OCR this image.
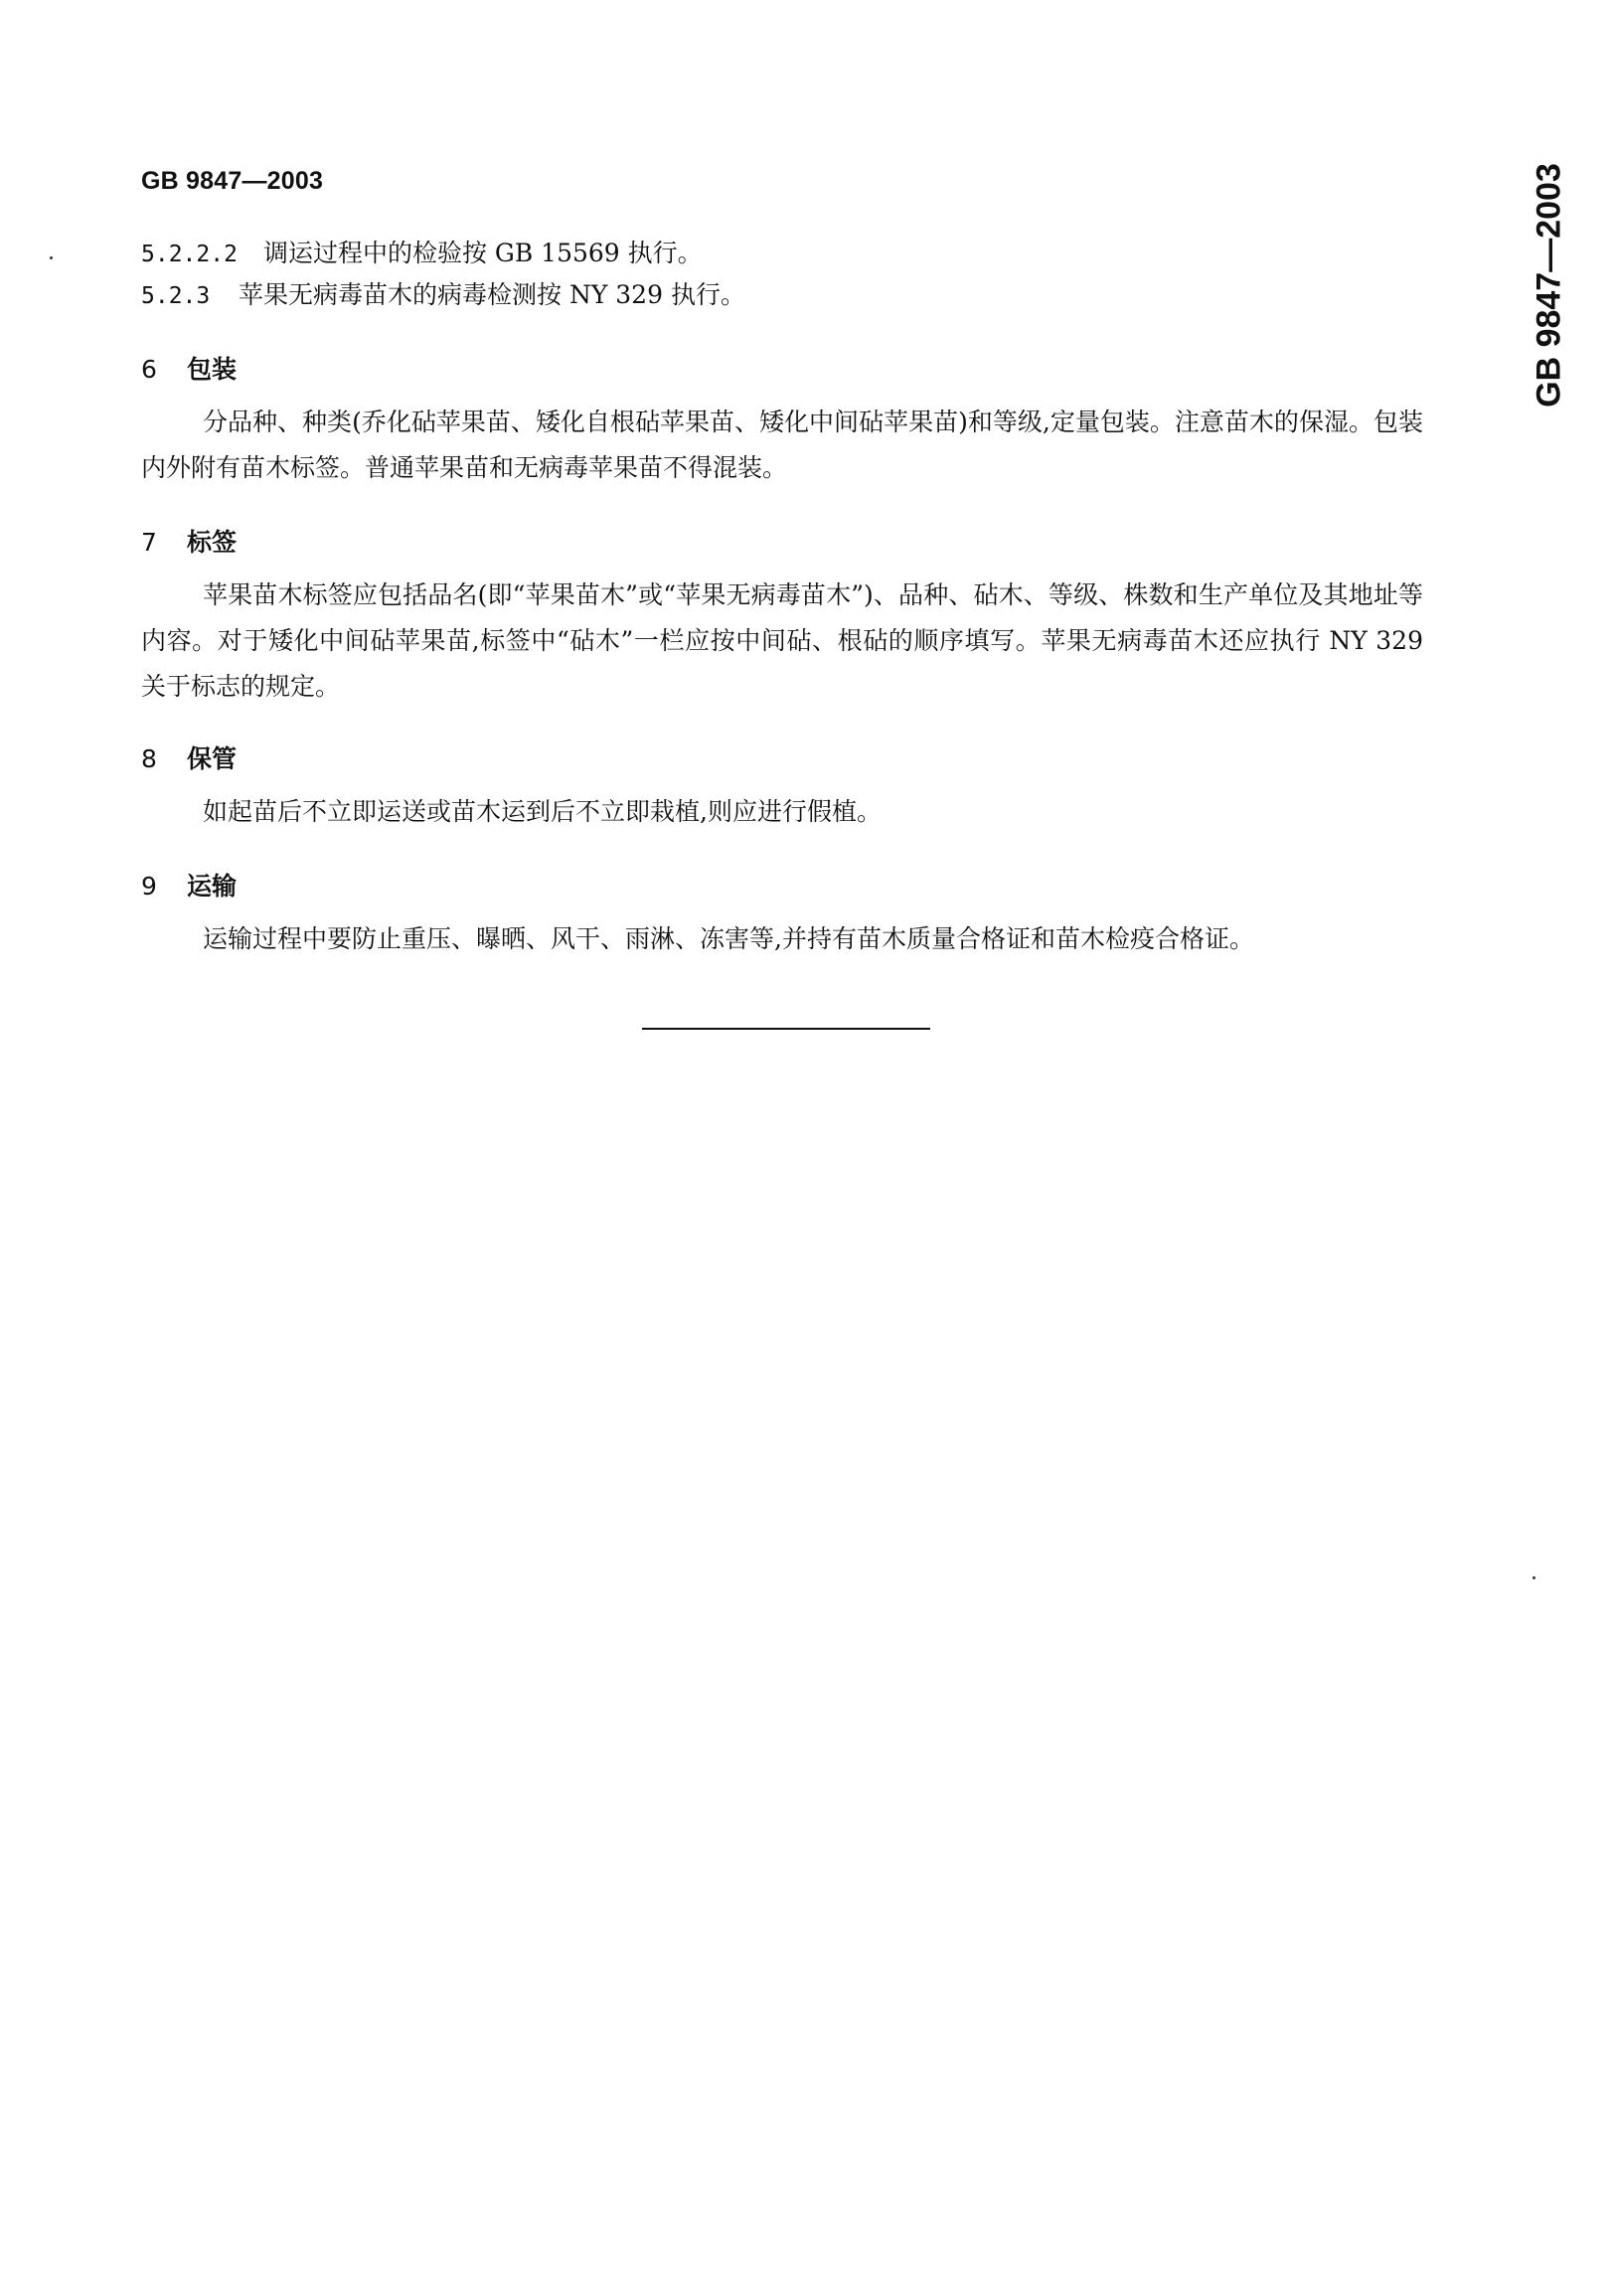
GB 9847—2003	GB 9847—2003
5.2.2.2 调运过程中的检验按 GB 15569 执行。
5.2.3 苹果无病毒苗木的病毒检测按 NY 329 执行。
6 包装
分品种、种类(乔化砧苹果苗、矮化自根砧苹果苗、矮化中间砧苹果苗)和等级,定量包装。注意苗木的保湿。包装内外附有苗木标签。普通苹果苗和无病毒苹果苗不得混装。
7 标签
苹果苗木标签应包括品名(即“苹果苗木”或“苹果无病毒苗木”)、品种、砧木、等级、株数和生产单位及其地址等内容。对于矮化中间砧苹果苗,标签中“砧木”一栏应按中间砧、根砧的顺序填写。苹果无病毒苗木还应执行 NY 329 关于标志的规定。
8 保管
如起苗后不立即运送或苗木运到后不立即栽植,则应进行假植。
9 运输
运输过程中要防止重压、曝晒、风干、雨淋、冻害等,并持有苗木质量合格证和苗木检疫合格证。
